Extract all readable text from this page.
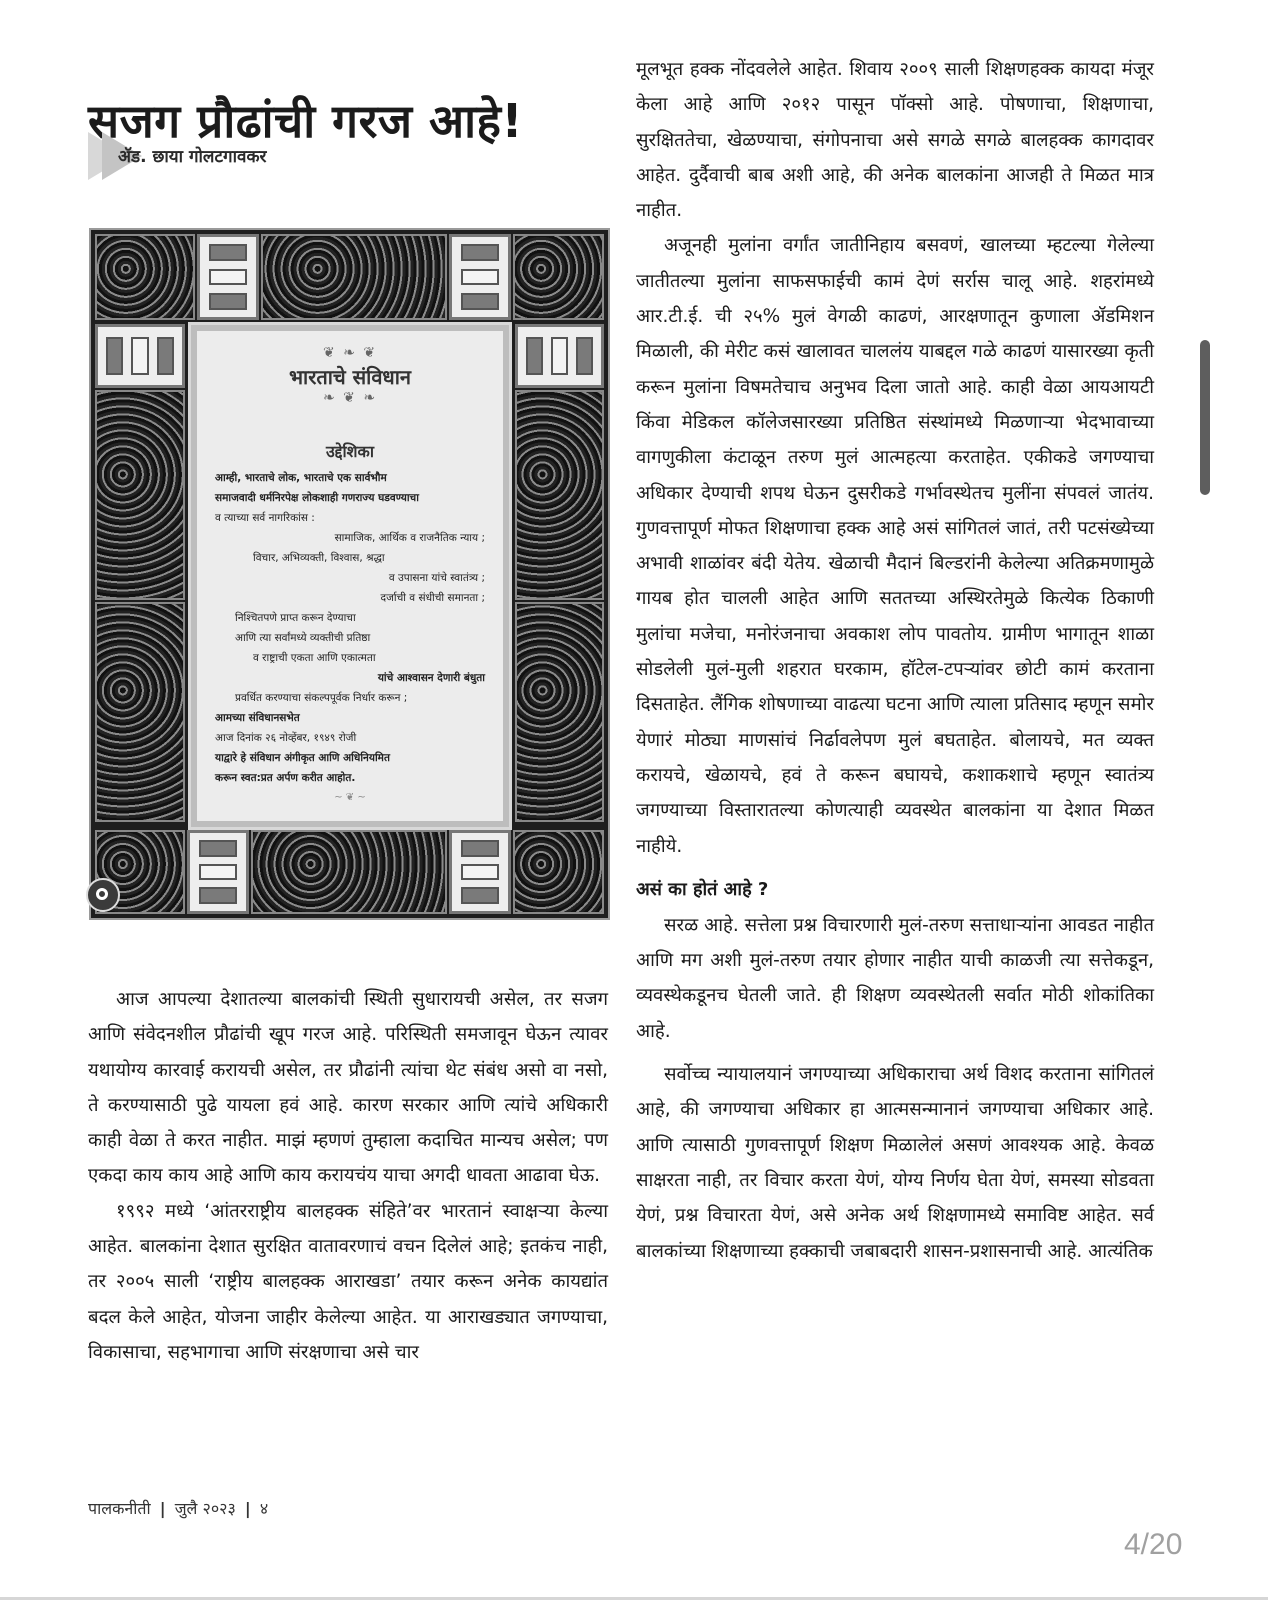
सजग प्रौढांची गरज आहे!
ॲड. छाया गोलटगावकर
❦ ❧ ❦
भारताचे संविधान
❧ ❦ ❧
उद्देशिका
आम्ही, भारताचे लोक, भारताचे एक सार्वभौम
समाजवादी धर्मनिरपेक्ष लोकशाही गणराज्य घडवण्याचा
व त्याच्या सर्व नागरिकांस :
सामाजिक, आर्थिक व राजनैतिक न्याय ;
विचार, अभिव्यक्ती, विश्वास, श्रद्धा
व उपासना यांचे स्वातंत्र्य ;
दर्जाची व संधीची समानता ;
निश्चितपणे प्राप्त करून देण्याचा
आणि त्या सर्वांमध्ये व्यक्तीची प्रतिष्ठा
व राष्ट्राची एकता आणि एकात्मता
यांचे आश्वासन देणारी बंधुता
प्रवर्धित करण्याचा संकल्पपूर्वक निर्धार करून ;
आमच्या संविधानसभेत
आज दिनांक २६ नोव्हेंबर, १९४९ रोजी
याद्वारे हे संविधान अंगीकृत आणि अधिनियमित
करून स्वत:प्रत अर्पण करीत आहोत.
~ ❦ ~

आज आपल्या देशातल्या बालकांची स्थिती सुधारायची असेल, तर सजग आणि संवेदनशील प्रौढांची खूप गरज आहे. परिस्थिती समजावून घेऊन त्यावर यथायोग्य कारवाई करायची असेल, तर प्रौढांनी त्यांचा थेट संबंध असो वा नसो, ते करण्यासाठी पुढे यायला हवं आहे. कारण सरकार आणि त्यांचे अधिकारी काही वेळा ते करत नाहीत. माझं म्हणणं तुम्हाला कदाचित मान्यच असेल; पण एकदा काय काय आहे आणि काय करायचंय याचा अगदी धावता आढावा घेऊ.

१९९२ मध्ये ‘आंतरराष्ट्रीय बालहक्क संहिते’वर भारतानं स्वाक्षऱ्या केल्या आहेत. बालकांना देशात सुरक्षित वातावरणाचं वचन दिलेलं आहे; इतकंच नाही, तर २००५ साली ‘राष्ट्रीय बालहक्क आराखडा’ तयार करून अनेक कायद्यांत बदल केले आहेत, योजना जाहीर केलेल्या आहेत. या आराखड्यात जगण्याचा, विकासाचा, सहभागाचा आणि संरक्षणाचा असे चार

मूलभूत हक्क नोंदवलेले आहेत. शिवाय २००९ साली शिक्षणहक्क कायदा मंजूर केला आहे आणि २०१२ पासून पॉक्सो आहे. पोषणाचा, शिक्षणाचा, सुरक्षिततेचा, खेळण्याचा, संगोपनाचा असे सगळे सगळे बालहक्क कागदावर आहेत. दुर्दैवाची बाब अशी आहे, की अनेक बालकांना आजही ते मिळत मात्र नाहीत.

अजूनही मुलांना वर्गांत जातीनिहाय बसवणं, खालच्या म्हटल्या गेलेल्या जातीतल्या मुलांना साफसफाईची कामं देणं सर्रास चालू आहे. शहरांमध्ये आर.टी.ई. ची २५% मुलं वेगळी काढणं, आरक्षणातून कुणाला ॲडमिशन मिळाली, की मेरीट कसं खालावत चाललंय याबद्दल गळे काढणं यासारख्या कृती करून मुलांना विषमतेचाच अनुभव दिला जातो आहे. काही वेळा आयआयटी किंवा मेडिकल कॉलेजसारख्या प्रतिष्ठित संस्थांमध्ये मिळणाऱ्या भेदभावाच्या वागणुकीला कंटाळून तरुण मुलं आत्महत्या करताहेत. एकीकडे जगण्याचा अधिकार देण्याची शपथ घेऊन दुसरीकडे गर्भावस्थेतच मुलींना संपवलं जातंय. गुणवत्तापूर्ण मोफत शिक्षणाचा हक्क आहे असं सांगितलं जातं, तरी पटसंख्येच्या अभावी शाळांवर बंदी येतेय. खेळाची मैदानं बिल्डरांनी केलेल्या अतिक्रमणामुळे गायब होत चालली आहेत आणि सततच्या अस्थिरतेमुळे कित्येक ठिकाणी मुलांचा मजेचा, मनोरंजनाचा अवकाश लोप पावतोय. ग्रामीण भागातून शाळा सोडलेली मुलं-मुली शहरात घरकाम, हॉटेल-टपऱ्यांवर छोटी कामं करताना दिसताहेत. लैंगिक शोषणाच्या वाढत्या घटना आणि त्याला प्रतिसाद म्हणून समोर येणारं मोठ्या माणसांचं निर्ढावलेपण मुलं बघताहेत. बोलायचे, मत व्यक्त करायचे, खेळायचे, हवं ते करून बघायचे, कशाकशाचे म्हणून स्वातंत्र्य जगण्याच्या विस्तारातल्या कोणत्याही व्यवस्थेत बालकांना या देशात मिळत नाहीये.

असं का होतं आहे ?

सरळ आहे. सत्तेला प्रश्न विचारणारी मुलं-तरुण सत्ताधाऱ्यांना आवडत नाहीत आणि मग अशी मुलं-तरुण तयार होणार नाहीत याची काळजी त्या सत्तेकडून, व्यवस्थेकडूनच घेतली जाते. ही शिक्षण व्यवस्थेतली सर्वात मोठी शोकांतिका आहे.

सर्वोच्च न्यायालयानं जगण्याच्या अधिकाराचा अर्थ विशद करताना सांगितलं आहे, की जगण्याचा अधिकार हा आत्मसन्मानानं जगण्याचा अधिकार आहे. आणि त्यासाठी गुणवत्तापूर्ण शिक्षण मिळालेलं असणं आवश्यक आहे. केवळ साक्षरता नाही, तर विचार करता येणं, योग्य निर्णय घेता येणं, समस्या सोडवता येणं, प्रश्न विचारता येणं, असे अनेक अर्थ शिक्षणामध्ये समाविष्ट आहेत. सर्व बालकांच्या शिक्षणाच्या हक्काची जबाबदारी शासन-प्रशासनाची आहे. आत्यंतिक

पालकनीती | जुलै २०२३ | ४
4/20
